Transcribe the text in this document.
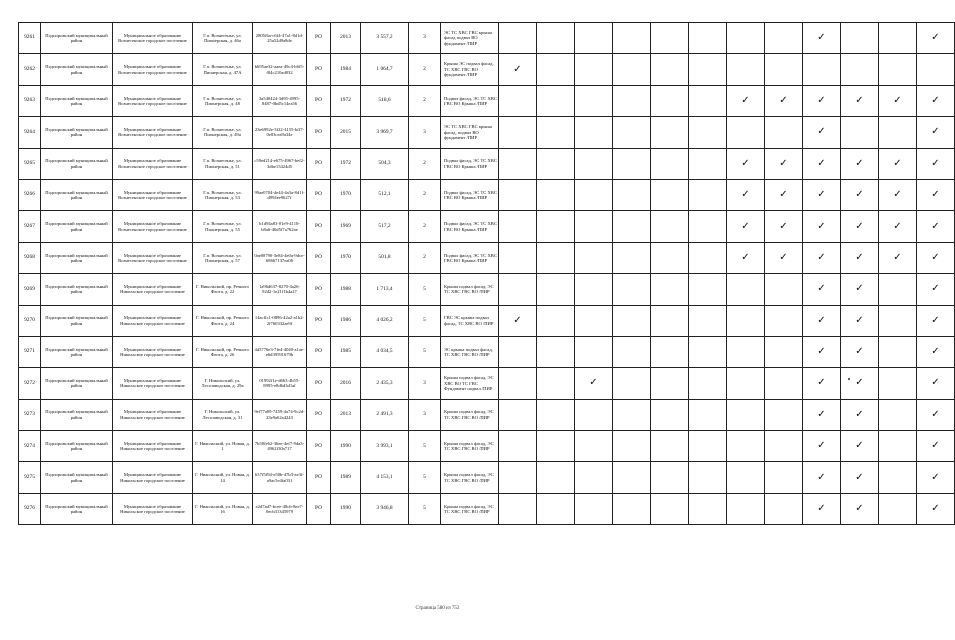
9261	Подпорожский муниципальный район	Муниципальное образование Вознесенское городское поселение	Г.п. Вознесенье, ул. Пионерская, д. 46а	2805f6a-c6f4-47a1-8d1d-25a52d9a8de	РО	2013	3 557,2	3	ЭС ТС ХВС ГВС крыша фасад подвал ВО фундамент /ПИР									✓			✓
9262	Подпорожский муниципальный район	Муниципальное образование Вознесенское городское поселение	Г.п. Вознесенье, ул. Пионерская, д. 47А	b695ae32-aaea-49c4-b6f5-f04c210ad032	РО	1984	1 064,7	2	Крыша ЭС подвал фасад, ТС ХВС ГВС ВО фундамент /ПИР	✓											
9263	Подпорожский муниципальный район	Муниципальное образование Вознесенское городское поселение	Г.п. Вознесенье, ул. Пионерская, д. 48	3a540424-3d95-4995-8487-0bd5c14ea56	РО	1972	518,6	2	Подвал фасад, ЭС ТС ХВС ГВС ВО Крыша /ПИР							✓	✓	✓	✓	✓	✓
9264	Подпорожский муниципальный район	Муниципальное образование Вознесенское городское поселение	Г.п. Вознесенье, ул. Пионерская, д. 49а	23e6992e-3f22-4155-bff7-0e83cea9a34e	РО	2015	3 969,7	3	ЭС ТС ХВС ГВС крыша фасад, подвал ВО фундамент /ПИР									✓			✓
9265	Подпорожский муниципальный район	Муниципальное образование Вознесенское городское поселение	Г.п. Вознесенье, ул. Пионерская, д. 51	c59ed214-e675-4967-bef2-3dbe15424d5	РО	1972	504,3	2	Подвал фасад, ЭС ТС ХВС ГВС ВО Крыша /ПИР							✓	✓	✓	✓	✓	✓
9266	Подпорожский муниципальный район	Муниципальное образование Вознесенское городское поселение	Г.п. Вознесенье, ул. Пионерская, д. 53	99ae0704-4e44-4a3a-8d1f-d994ee9627f	РО	1970	512,1	2	Подвал фасад, ЭС ТС ХВС ГВС ВО Крыша /ПИР							✓	✓	✓	✓	✓	✓
9267	Подпорожский муниципальный район	Муниципальное образование Вознесенское городское поселение	Г.п. Вознесенье, ул. Пионерская, д. 55	b1d94a83-01e9-4110-b8a6-40d5f7a762ae	РО	1969	517,2	2	Подвал фасад, ЭС ТС ХВС ГВС ВО Крыша /ПИР							✓	✓	✓	✓	✓	✓
9268	Подпорожский муниципальный район	Муниципальное образование Вознесенское городское поселение	Г.п. Вознесенье, ул. Пионерская, д. 57	0ae08790-3e84-4e0a-9dce-68667137ea06	РО	1970	501,8	2	Подвал фасад, ЭС ТС ХВС ГВС ВО Крыша /ПИР							✓	✓	✓	✓	✓	✓
9269	Подпорожский муниципальный район	Муниципальное образование Никольское городское поселение	Г. Никольский, пр. Речного Флота, д. 22	1a96d637-8270-4a26-92d2-1e21f1b4a27	РО	1988	1 713,4	5	Крыша подвал фасад, ЭС ТС ХВС ГВС ВО /ПИР									✓	✓		✓
9270	Подпорожский муниципальный район	Муниципальное образование Никольское городское поселение	Г. Никольский, пр. Речного Флота, д. 24	14acffc1-0896-42a2-a1b2-2f760332ae9f	РО	1986	4 026,2	5	ГВС ЭС крыша подвал фасад, ТС ХВС ВО /ПИР	✓								✓	✓		✓
9271	Подпорожский муниципальный район	Муниципальное образование Никольское городское поселение	Г. Никольский, пр. Речного Флота, д. 26	4d5776e3-7fe4-4040-a1ae-e6d39591679b	РО	1985	4 034,5	5	ЭС крыша подвал фасад, ТС ХВС ГВС ВО /ПИР									✓	✓		✓
9272	Подпорожский муниципальный район	Муниципальное образование Никольское городское поселение	Г. Никольский, ул. Лесозаводская, д. 29а	01992f1e-d663-4b55-8995-e8d6d3d1af	РО	2016	2 435,3	3	Крыша подвал фасад, ЭС ХВС ВО ТС ГВС Фундамент подвал /ПИР			✓						✓	✓		✓
9273	Подпорожский муниципальный район	Муниципальное образование Никольское городское поселение	Г. Никольский, ул. Лесозаводская, д. 31	9ef77a09-7459-4a74-9c2d-23e9a62a4243	РО	2013	2 491,3	3	Крыша подвал фасад, ЭС ТС ХВС ГВС ВО /ПИР									✓	✓		✓
9274	Подпорожский муниципальный район	Муниципальное образование Никольское городское поселение	Г. Никольский, ул. Новая, д. 1	7b50fe62-36ee-4ef7-9da3-4962f30a717	РО	1990	3 993,1	5	Крыша подвал фасад, ЭС ТС ХВС ГВС ВО /ПИР									✓	✓		✓
9275	Подпорожский муниципальный район	Муниципальное образование Никольское городское поселение	Г. Никольский, ул. Новая, д. 14	637f5f94-e50b-47b3-ae3f-a9ac5e4fa031	РО	1989	4 153,1	5	Крыша подвал фасад, ЭС ТС ХВС ГВС ВО /ПИР									✓	✓		✓
9276	Подпорожский муниципальный район	Муниципальное образование Никольское городское поселение	Г. Никольский, ул. Новая, д. 16	e2d7ad7-bcee-48c6-8ee7-0ecb31345979	РО	1990	3 946,8	5	Крыша подвал фасад, ЭС ТС ХВС ГВС ВО /ПИР									✓	✓		✓
Страница 580 из 753
